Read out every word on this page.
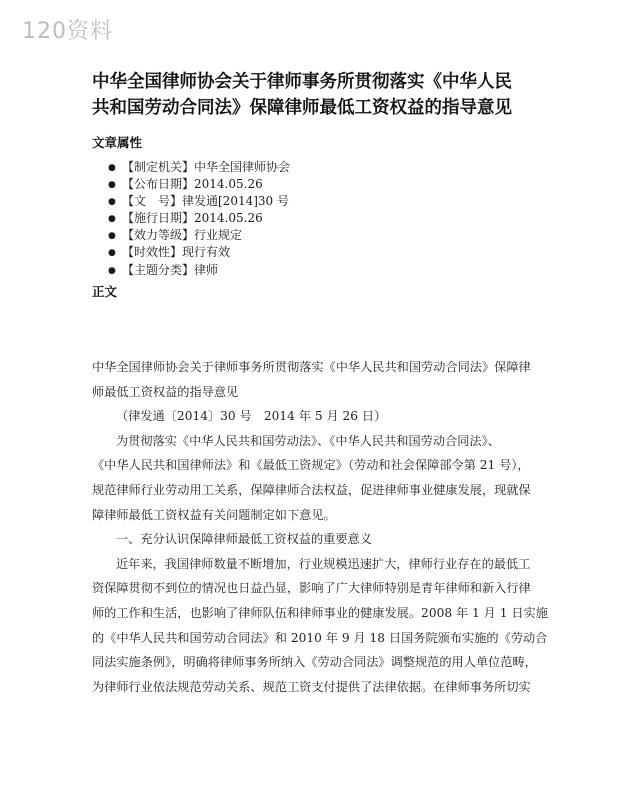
120资料
中华全国律师协会关于律师事务所贯彻落实《中华人民
共和国劳动合同法》保障律师最低工资权益的指导意见
文章属性
● 【制定机关】中华全国律师协会
● 【公布日期】2014.05.26
● 【文　号】律发通[2014]30 号
● 【施行日期】2014.05.26
● 【效力等级】行业规定
● 【时效性】现行有效
● 【主题分类】律师
正文
中华全国律师协会关于律师事务所贯彻落实《中华人民共和国劳动合同法》保障律
师最低工资权益的指导意见
（律发通〔2014〕30 号　2014 年 5 月 26 日）
为贯彻落实《中华人民共和国劳动法》、《中华人民共和国劳动合同法》、
《中华人民共和国律师法》和《最低工资规定》（劳动和社会保障部令第 21 号），
规范律师行业劳动用工关系，保障律师合法权益，促进律师事业健康发展，现就保
障律师最低工资权益有关问题制定如下意见。
一、充分认识保障律师最低工资权益的重要意义
近年来，我国律师数量不断增加，行业规模迅速扩大，律师行业存在的最低工
资保障贯彻不到位的情况也日益凸显，影响了广大律师特别是青年律师和新入行律
师的工作和生活，也影响了律师队伍和律师事业的健康发展。2008 年 1 月 1 日实施
的《中华人民共和国劳动合同法》和 2010 年 9 月 18 日国务院颁布实施的《劳动合
同法实施条例》，明确将律师事务所纳入《劳动合同法》调整规范的用人单位范畴，
为律师行业依法规范劳动关系、规范工资支付提供了法律依据。在律师事务所切实
